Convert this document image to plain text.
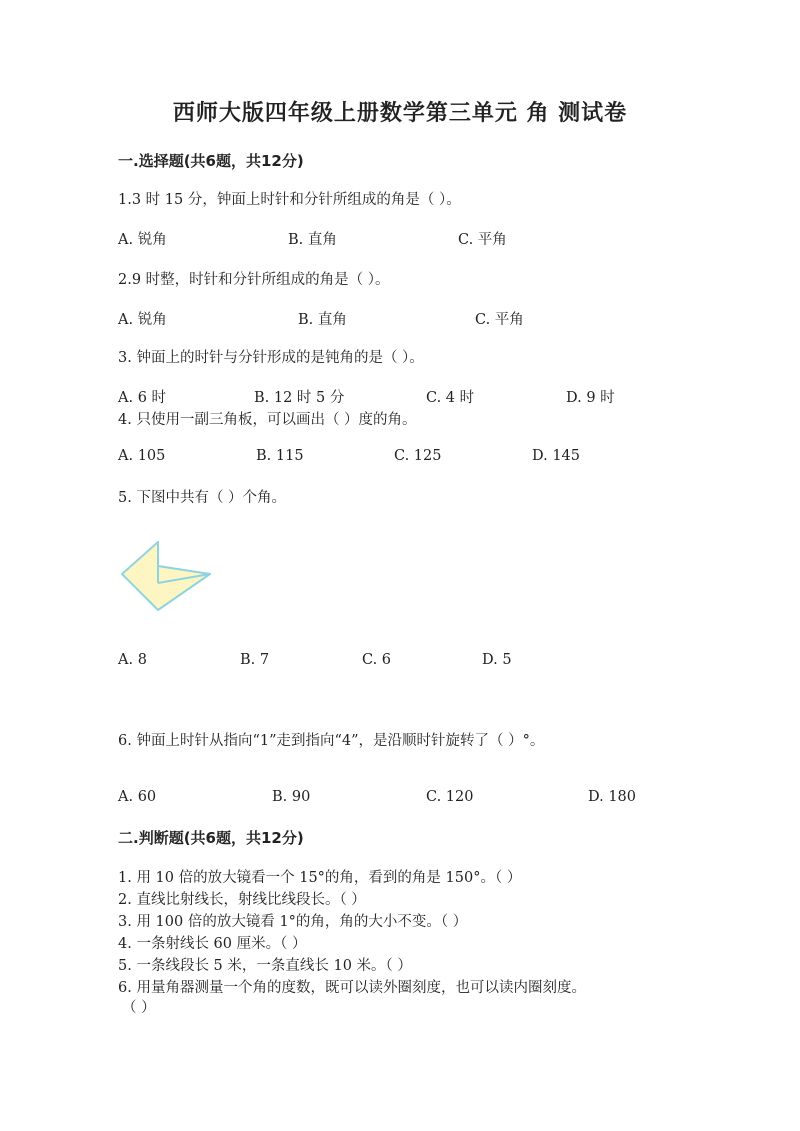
西师大版四年级上册数学第三单元 角 测试卷
一.选择题(共6题，共12分)
1.3 时 15 分，钟面上时针和分针所组成的角是（ ）。
A. 锐角	B. 直角	C. 平角
2.9 时整，时针和分针所组成的角是（ ）。
A. 锐角	B. 直角	C. 平角
3. 钟面上的时针与分针形成的是钝角的是（ ）。
A. 6 时	B. 12 时 5 分	C. 4 时	D. 9 时
4. 只使用一副三角板，可以画出（ ）度的角。
A. 105	B. 115	C. 125	D. 145
5. 下图中共有（ ）个角。
A. 8	B. 7	C. 6	D. 5
6. 钟面上时针从指向“1”走到指向“4”，是沿顺时针旋转了（ ）°。
A. 60	B. 90	C. 120	D. 180
二.判断题(共6题，共12分)
1. 用 10 倍的放大镜看一个 15°的角，看到的角是 150°。（ ）
2. 直线比射线长，射线比线段长。（ ）
3. 用 100 倍的放大镜看 1°的角，角的大小不变。（ ）
4. 一条射线长 60 厘米。（ ）
5. 一条线段长 5 米，一条直线长 10 米。（ ）
6. 用量角器测量一个角的度数，既可以读外圈刻度，也可以读内圈刻度。
（ ）
